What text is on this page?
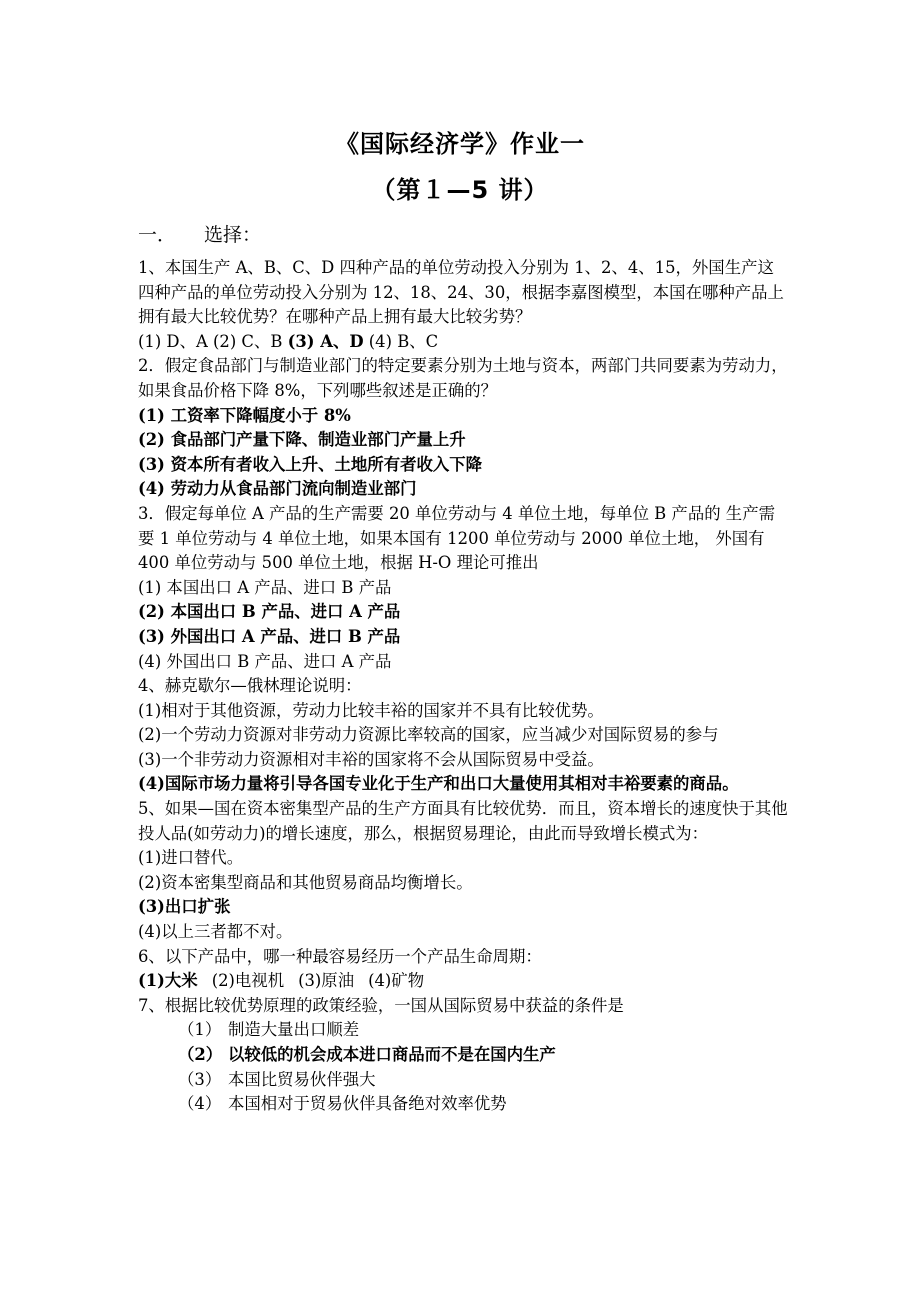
《国际经济学》作业一
（第１—5 讲）
一． 选择：

1、本国生产 A、B、C、D 四种产品的单位劳动投入分别为 1、2、4、15，外国生产这四种产品的单位劳动投入分别为 12、18、24、30，根据李嘉图模型，本国在哪种产品上拥有最大比较优势？在哪种产品上拥有最大比较劣势？

(1) D、A (2) C、B (3) A、D (4) B、C

2．假定食品部门与制造业部门的特定要素分别为土地与资本，两部门共同要素为劳动力，如果食品价格下降 8%，下列哪些叙述是正确的？

(1) 工资率下降幅度小于 8%

(2) 食品部门产量下降、制造业部门产量上升

(3) 资本所有者收入上升、土地所有者收入下降

(4) 劳动力从食品部门流向制造业部门

3．假定每单位 A 产品的生产需要 20 单位劳动与 4 单位土地，每单位 B 产品的 生产需要 1 单位劳动与 4 单位土地，如果本国有 1200 单位劳动与 2000 单位土地， 外国有 400 单位劳动与 500 单位土地，根据 H-O 理论可推出

(1) 本国出口 A 产品、进口 B 产品

(2) 本国出口 B 产品、进口 A 产品

(3) 外国出口 A 产品、进口 B 产品

(4) 外国出口 B 产品、进口 A 产品

4、赫克歇尔—俄林理论说明：

(1)相对于其他资源，劳动力比较丰裕的国家并不具有比较优势。

(2)一个劳动力资源对非劳动力资源比率较高的国家，应当减少对国际贸易的参与

(3)一个非劳动力资源相对丰裕的国家将不会从国际贸易中受益。

(4)国际市场力量将引导各国专业化于生产和出口大量使用其相对丰裕要素的商品。

5、如果—国在资本密集型产品的生产方面具有比较优势．而且，资本增长的速度快于其他投人品(如劳动力)的增长速度，那么，根据贸易理论，由此而导致增长模式为：

(1)进口替代。

(2)资本密集型商品和其他贸易商品均衡增长。

(3)出口扩张

(4)以上三者都不对。

6、以下产品中，哪一种最容易经历一个产品生命周期：

(1)大米 (2)电视机 (3)原油 (4)矿物

7、根据比较优势原理的政策经验，一国从国际贸易中获益的条件是

（1） 制造大量出口顺差

（2） 以较低的机会成本进口商品而不是在国内生产

（3） 本国比贸易伙伴强大

（4） 本国相对于贸易伙伴具备绝对效率优势
